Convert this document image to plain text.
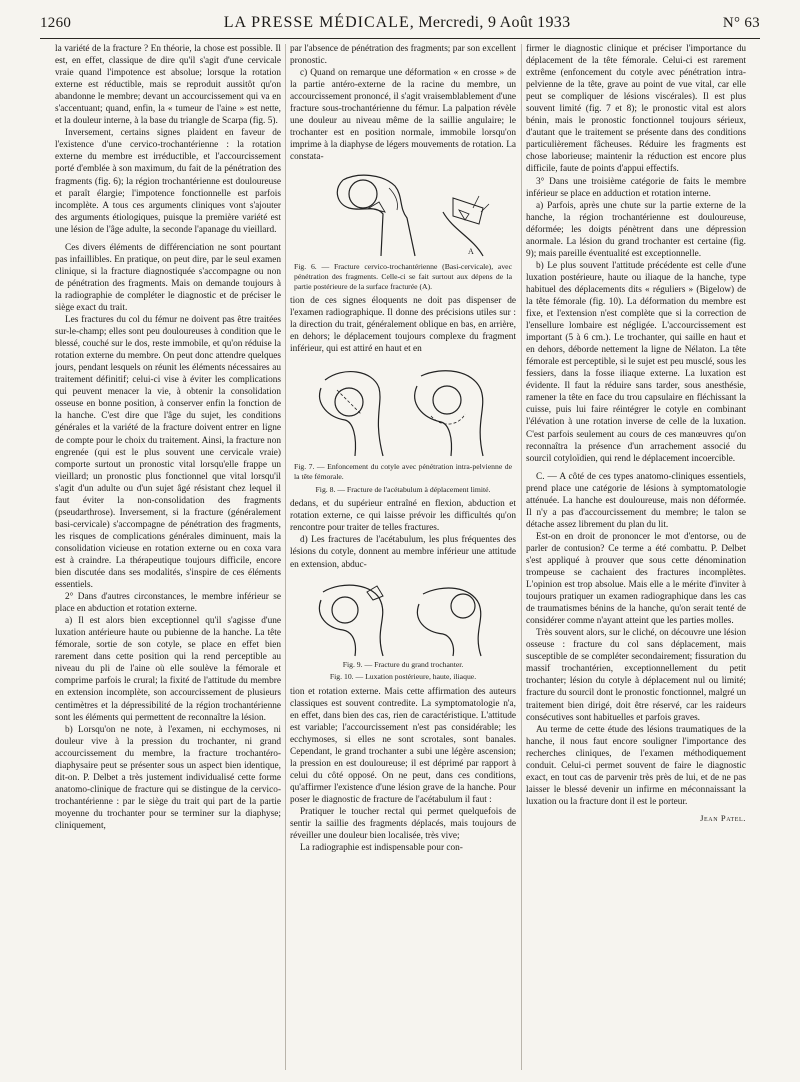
1260	LA PRESSE MÉDICALE, Mercredi, 9 Août 1933	N° 63

la variété de la fracture ? En théorie, la chose est possible. Il est, en effet, classique de dire qu'il s'agit d'une cervicale vraie quand l'impotence est absolue; lorsque la rotation externe est réductible, mais se reproduit aussitôt qu'on abandonne le membre; devant un accourcissement qui va en s'accentuant; quand, enfin, la « tumeur de l'aine » est nette, et la douleur interne, à la base du triangle de Scarpa (fig. 5).

Inversement, certains signes plaident en faveur de l'existence d'une cervico-trochantérienne : la rotation externe du membre est irréductible, et l'accourcissement porté d'emblée à son maximum, du fait de la pénétration des fragments (fig. 6); la région trochantérienne est douloureuse et paraît élargie; l'impotence fonctionnelle est parfois incomplète. A tous ces arguments cliniques vont s'ajouter des arguments étiologiques, puisque la première variété est une lésion de l'âge adulte, la seconde l'apanage du vieillard.

Ces divers éléments de différenciation ne sont pourtant pas infaillibles. En pratique, on peut dire, par le seul examen clinique, si la fracture diagnostiquée s'accompagne ou non de pénétration des fragments. Mais on demande toujours à la radiographie de compléter le diagnostic et de préciser le siège exact du trait.

Les fractures du col du fémur ne doivent pas être traitées sur-le-champ; elles sont peu douloureuses à condition que le blessé, couché sur le dos, reste immobile, et qu'on réduise la rotation externe du membre. On peut donc attendre quelques jours, pendant lesquels on réunit les éléments nécessaires au traitement définitif; celui-ci vise à éviter les complications qui peuvent menacer la vie, à obtenir la consolidation osseuse en bonne position, à conserver enfin la fonction de la hanche. C'est dire que l'âge du sujet, les conditions générales et la variété de la fracture doivent entrer en ligne de compte pour le choix du traitement. Ainsi, la fracture non engrenée (qui est le plus souvent une cervicale vraie) comporte surtout un pronostic vital lorsqu'elle frappe un vieillard; un pronostic plus fonctionnel que vital lorsqu'il s'agit d'un adulte ou d'un sujet âgé résistant chez lequel il faut éviter la non-consolidation des fragments (pseudarthrose). Inversement, si la fracture (généralement basi-cervicale) s'accompagne de pénétration des fragments, les risques de complications générales diminuent, mais la consolidation vicieuse en rotation externe ou en coxa vara est à craindre. La thérapeutique toujours difficile, encore bien discutée dans ses modalités, s'inspire de ces éléments essentiels.

2° Dans d'autres circonstances, le membre inférieur se place en abduction et rotation externe.

a) Il est alors bien exceptionnel qu'il s'agisse d'une luxation antérieure haute ou pubienne de la hanche. La tête fémorale, sortie de son cotyle, se place en effet bien rarement dans cette position qui la rend perceptible au niveau du pli de l'aine où elle soulève la fémorale et comprime parfois le crural; la fixité de l'attitude du membre en extension incomplète, son accourcissement de plusieurs centimètres et la dépressibilité de la région trochantérienne sont les éléments qui permettent de reconnaître la lésion.

b) Lorsqu'on ne note, à l'examen, ni ecchymoses, ni douleur vive à la pression du trochanter, ni grand accourcissement du membre, la fracture trochantéro-diaphysaire peut se présenter sous un aspect bien identique, dit-on. P. Delbet a très justement individualisé cette forme anatomo-clinique de fracture qui se distingue de la cervico-trochantérienne : par le siège du trait qui part de la partie moyenne du trochanter pour se terminer sur la diaphyse; cliniquement,

par l'absence de pénétration des fragments; par son excellent pronostic.

c) Quand on remarque une déformation « en crosse » de la partie antéro-externe de la racine du membre, un accourcissement prononcé, il s'agit vraisemblablement d'une fracture sous-trochantérienne du fémur. La palpation révèle une douleur au niveau même de la saillie angulaire; le trochanter est en position normale, immobile lorsqu'on imprime à la diaphyse de légers mouvements de rotation. La constata-

A
Fig. 6. — Fracture cervico-trochantérienne (Basi-cervicale), avec pénétration des fragments. Celle-ci se fait surtout aux dépens de la partie postérieure de la surface fracturée (A).

tion de ces signes éloquents ne doit pas dispenser de l'examen radiographique. Il donne des précisions utiles sur : la direction du trait, généralement oblique en bas, en arrière, en dehors; le déplacement toujours complexe du fragment inférieur, qui est attiré en haut et en

Fig. 7. — Enfoncement du cotyle avec pénétration intra-pelvienne de la tête fémorale.
Fig. 8. — Fracture de l'acétabulum à déplacement limité.

dedans, et du supérieur entraîné en flexion, abduction et rotation externe, ce qui laisse prévoir les difficultés qu'on rencontre pour traiter de telles fractures.

d) Les fractures de l'acétabulum, les plus fréquentes des lésions du cotyle, donnent au membre inférieur une attitude en extension, abduc-

Fig. 9. — Fracture du grand trochanter.
Fig. 10. — Luxation postérieure, haute, iliaque.

tion et rotation externe. Mais cette affirmation des auteurs classiques est souvent contredite. La symptomatologie n'a, en effet, dans bien des cas, rien de caractéristique. L'attitude est variable; l'accourcissement n'est pas considérable; les ecchymoses, si elles ne sont scrotales, sont banales. Cependant, le grand trochanter a subi une légère ascension; la pression en est douloureuse; il est déprimé par rapport à celui du côté opposé. On ne peut, dans ces conditions, qu'affirmer l'existence d'une lésion grave de la hanche. Pour poser le diagnostic de fracture de l'acétabulum il faut :

Pratiquer le toucher rectal qui permet quelquefois de sentir la saillie des fragments déplacés, mais toujours de réveiller une douleur bien localisée, très vive;

La radiographie est indispensable pour con-

firmer le diagnostic clinique et préciser l'importance du déplacement de la tête fémorale. Celui-ci est rarement extrême (enfoncement du cotyle avec pénétration intra-pelvienne de la tête, grave au point de vue vital, car elle peut se compliquer de lésions viscérales). Il est plus souvent limité (fig. 7 et 8); le pronostic vital est alors bénin, mais le pronostic fonctionnel toujours sérieux, d'autant que le traitement se présente dans des conditions particulièrement fâcheuses. Réduire les fragments est chose laborieuse; maintenir la réduction est encore plus difficile, faute de points d'appui effectifs.

3° Dans une troisième catégorie de faits le membre inférieur se place en adduction et rotation interne.

a) Parfois, après une chute sur la partie externe de la hanche, la région trochantérienne est douloureuse, déformée; les doigts pénètrent dans une dépression anormale. La lésion du grand trochanter est certaine (fig. 9); mais pareille éventualité est exceptionnelle.

b) Le plus souvent l'attitude précédente est celle d'une luxation postérieure, haute ou iliaque de la hanche, type habituel des déplacements dits « réguliers » (Bigelow) de la tête fémorale (fig. 10). La déformation du membre est fixe, et l'extension n'est complète que si la correction de l'ensellure lombaire est négligée. L'accourcissement est important (5 à 6 cm.). Le trochanter, qui saille en haut et en dehors, déborde nettement la ligne de Nélaton. La tête fémorale est perceptible, si le sujet est peu musclé, sous les fessiers, dans la fosse iliaque externe. La luxation est évidente. Il faut la réduire sans tarder, sous anesthésie, ramener la tête en face du trou capsulaire en fléchissant la cuisse, puis lui faire réintégrer le cotyle en combinant l'élévation à une rotation inverse de celle de la luxation. C'est parfois seulement au cours de ces manœuvres qu'on reconnaîtra la présence d'un arrachement associé du sourcil cotyloïdien, qui rend le déplacement incoercible.

C. — A côté de ces types anatomo-cliniques essentiels, prend place une catégorie de lésions à symptomatologie atténuée. La hanche est douloureuse, mais non déformée. Il n'y a pas d'accourcissement du membre; le talon se détache assez librement du plan du lit.

Est-on en droit de prononcer le mot d'entorse, ou de parler de contusion? Ce terme a été combattu. P. Delbet s'est appliqué à prouver que sous cette dénomination trompeuse se cachaient des fractures incomplètes. L'opinion est trop absolue. Mais elle a le mérite d'inviter à toujours pratiquer un examen radiographique dans les cas de traumatismes bénins de la hanche, qu'on serait tenté de considérer comme n'ayant atteint que les parties molles.

Très souvent alors, sur le cliché, on découvre une lésion osseuse : fracture du col sans déplacement, mais susceptible de se compléter secondairement; fissuration du massif trochantérien, exceptionnellement du petit trochanter; lésion du cotyle à déplacement nul ou limité; fracture du sourcil dont le pronostic fonctionnel, malgré un traitement bien dirigé, doit être réservé, car les raideurs consécutives sont habituelles et parfois graves.

Au terme de cette étude des lésions traumatiques de la hanche, il nous faut encore souligner l'importance des recherches cliniques, de l'examen méthodiquement conduit. Celui-ci permet souvent de faire le diagnostic exact, en tout cas de parvenir très près de lui, et de ne pas laisser le blessé devenir un infirme en méconnaissant la luxation ou la fracture dont il est le porteur.

Jean Patel.
